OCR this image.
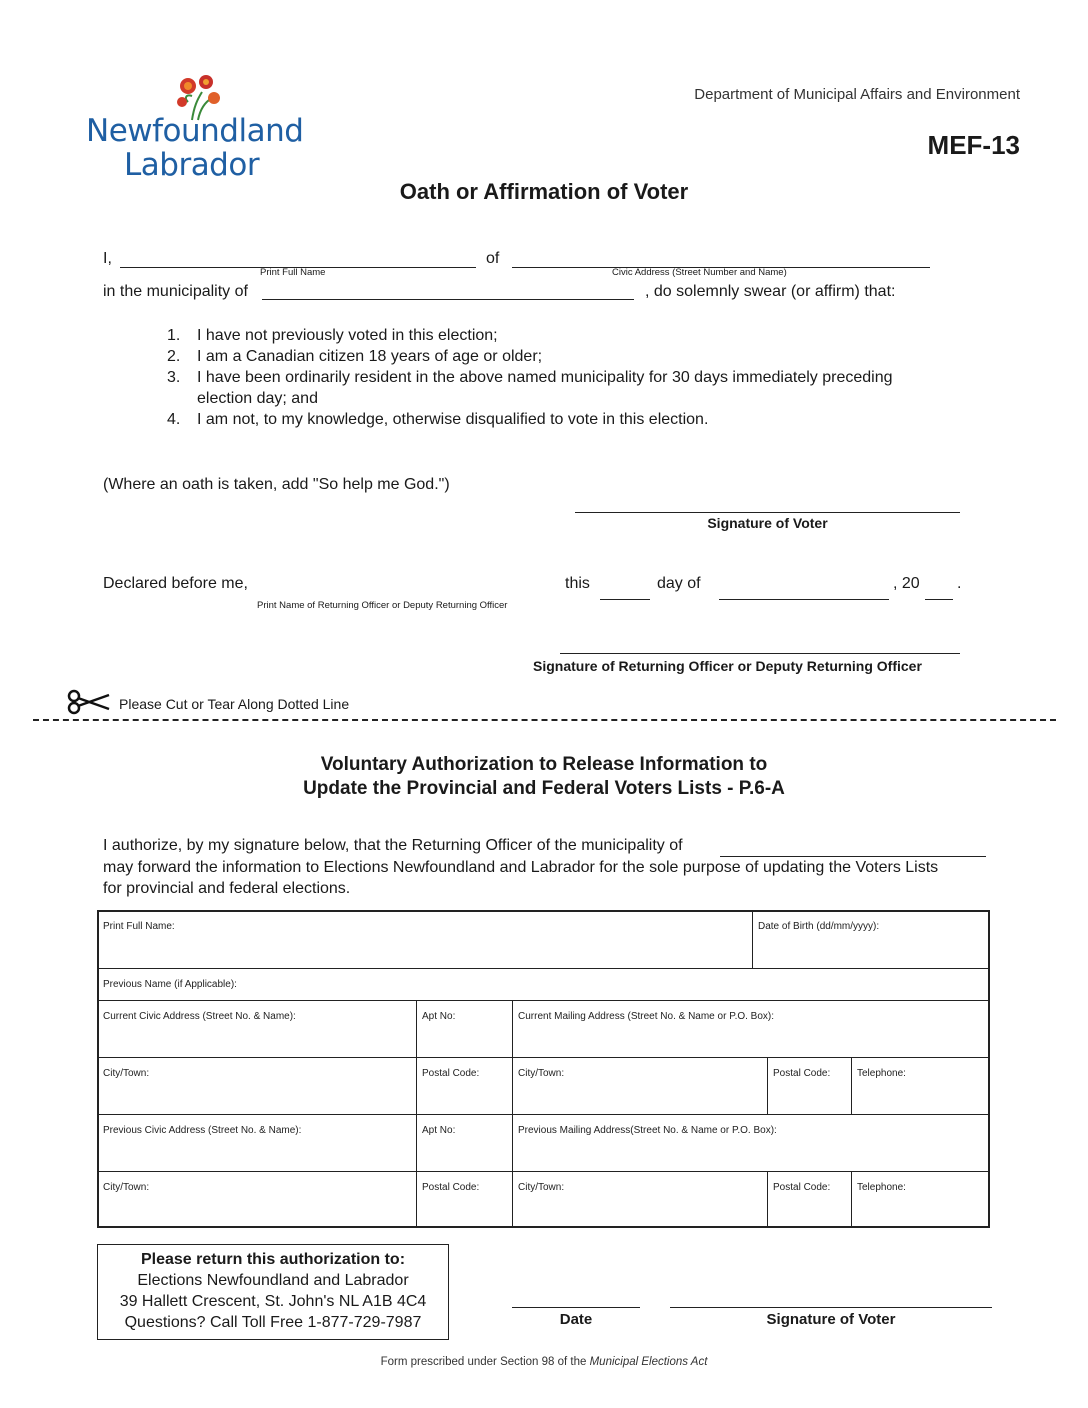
Newfoundland
Labrador
Department of Municipal Affairs and Environment
MEF-13
Oath or Affirmation of Voter
I,
Print Full Name
of
Civic Address (Street Number and Name)
in the municipality of	, do solemnly swear (or affirm) that:
1. I have not previously voted in this election;
2. I am a Canadian citizen 18 years of age or older;
3. I have been ordinarily resident in the above named municipality for 30 days immediately preceding
election day; and
4. I am not, to my knowledge, otherwise disqualified to vote in this election.
(Where an oath is taken, add "So help me God.")
Signature of Voter
Declared before me,
Print Name of Returning Officer or Deputy Returning Officer
this	day of	, 20 .
Signature of Returning Officer or Deputy Returning Officer
Please Cut or Tear Along Dotted Line
Voluntary Authorization to Release Information to
Update the Provincial and Federal Voters Lists - P.6-A
I authorize, by my signature below, that the Returning Officer of the municipality of
may forward the information to Elections Newfoundland and Labrador for the sole purpose of updating the Voters Lists
for provincial and federal elections.
Print Full Name:	Date of Birth (dd/mm/yyyy):
Previous Name (if Applicable):
Current Civic Address (Street No. & Name):	Apt No:	Current Mailing Address (Street No. & Name or P.O. Box):
City/Town:	Postal Code:	City/Town:	Postal Code:	Telephone:
Previous Civic Address (Street No. & Name):	Apt No:	Previous Mailing Address(Street No. & Name or P.O. Box):
City/Town:	Postal Code:	City/Town:	Postal Code:	Telephone:
Please return this authorization to:
Elections Newfoundland and Labrador
39 Hallett Crescent, St. John's NL A1B 4C4
Questions? Call Toll Free 1-877-729-7987	Date	Signature of Voter
Form prescribed under Section 98 of the Municipal Elections Act
